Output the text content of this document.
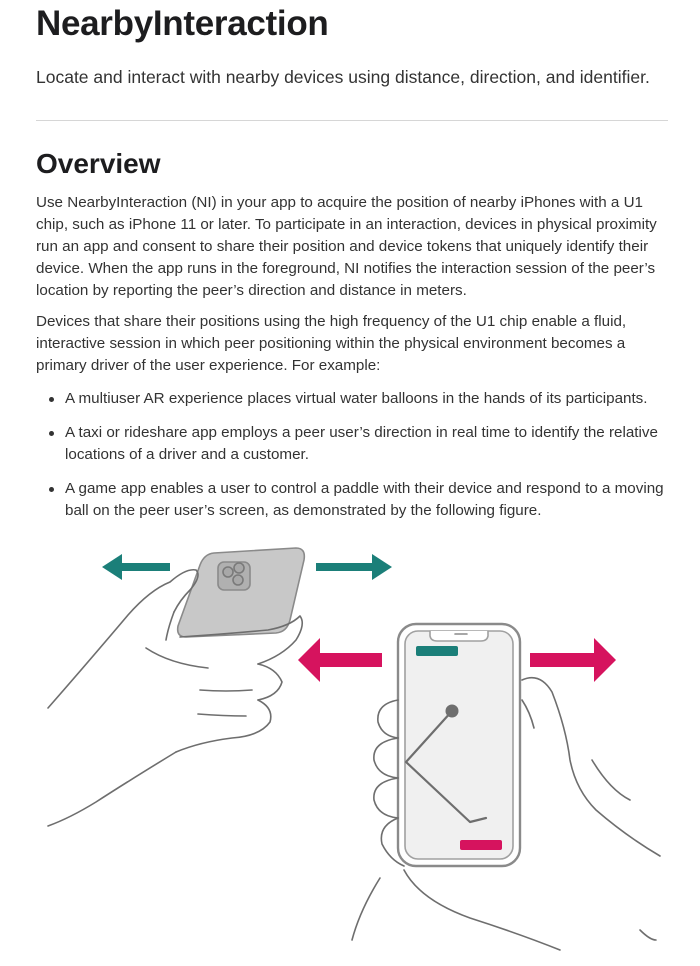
NearbyInteraction

Locate and interact with nearby devices using distance, direction, and identifier.

Overview

Use NearbyInteraction (NI) in your app to acquire the position of nearby iPhones with a U1 chip, such as iPhone 11 or later. To participate in an interaction, devices in physical proximity run an app and consent to share their position and device tokens that uniquely identify their device. When the app runs in the foreground, NI notifies the interaction session of the peer’s location by reporting the peer’s direction and distance in meters.

Devices that share their positions using the high frequency of the U1 chip enable a fluid, interactive session in which peer positioning within the physical environment becomes a primary driver of the user experience. For example:

A multiuser AR experience places virtual water balloons in the hands of its participants.
A taxi or rideshare app employs a peer user’s direction in real time to identify the relative locations of a driver and a customer.
A game app enables a user to control a paddle with their device and respond to a moving ball on the peer user’s screen, as demonstrated by the following figure.
